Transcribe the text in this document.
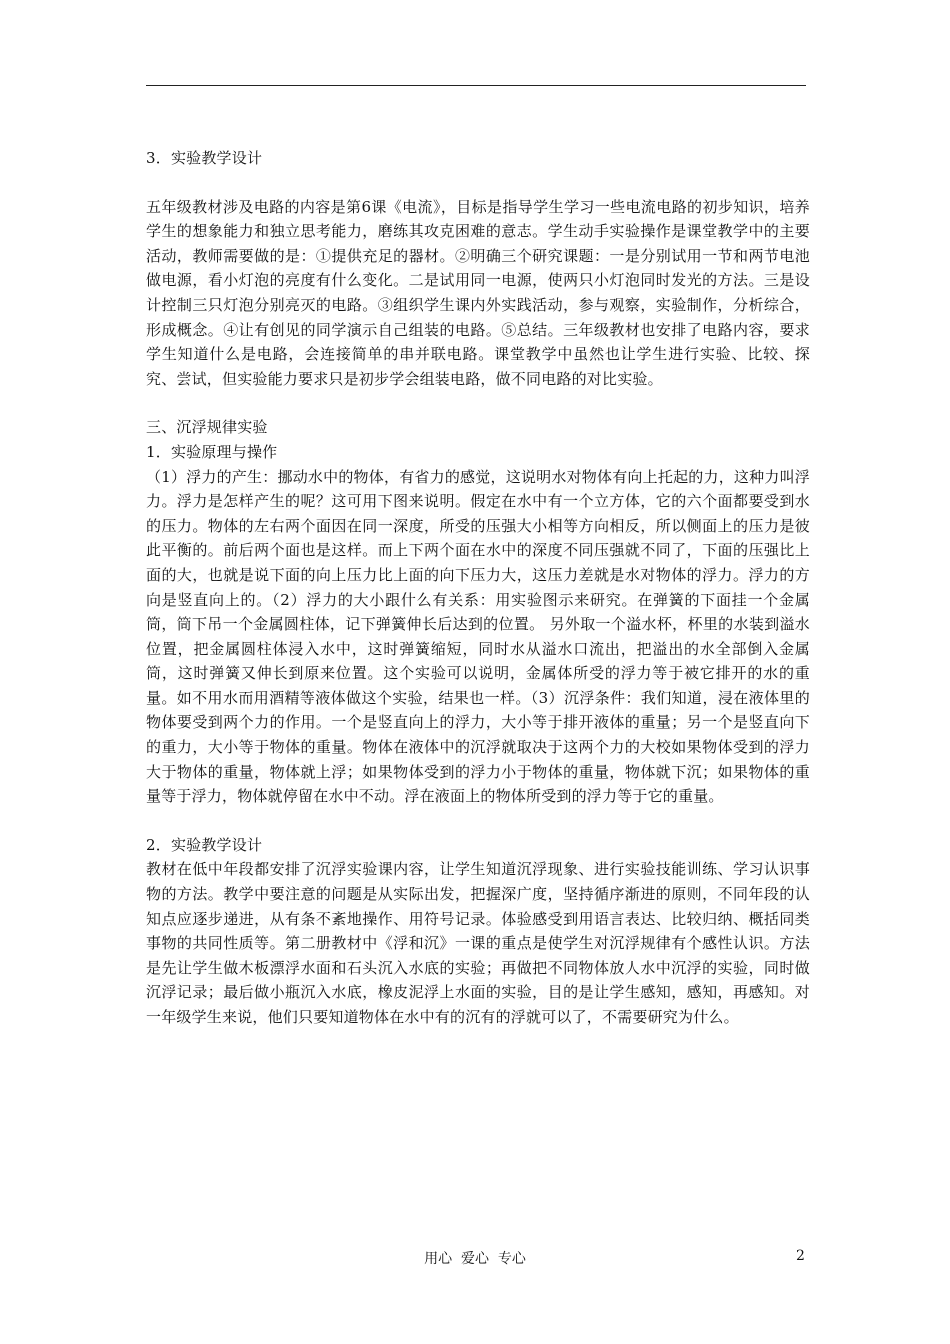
3．实验教学设计

五年级教材涉及电路的内容是第6课《电流》，目标是指导学生学习一些电流电路的初步知识，培养学生的想象能力和独立思考能力，磨练其攻克困难的意志。学生动手实验操作是课堂教学中的主要活动，教师需要做的是：①提供充足的器材。②明确三个研究课题：一是分别试用一节和两节电池做电源，看小灯泡的亮度有什么变化。二是试用同一电源，使两只小灯泡同时发光的方法。三是设计控制三只灯泡分别亮灭的电路。③组织学生课内外实践活动，参与观察，实验制作，分析综合，形成概念。④让有创见的同学演示自己组装的电路。⑤总结。三年级教材也安排了电路内容，要求学生知道什么是电路，会连接简单的串并联电路。课堂教学中虽然也让学生进行实验、比较、探究、尝试，但实验能力要求只是初步学会组装电路，做不同电路的对比实验。

三、沉浮规律实验

1．实验原理与操作

（1）浮力的产生：挪动水中的物体，有省力的感觉，这说明水对物体有向上托起的力，这种力叫浮力。浮力是怎样产生的呢？这可用下图来说明。假定在水中有一个立方体，它的六个面都要受到水的压力。物体的左右两个面因在同一深度，所受的压强大小相等方向相反，所以侧面上的压力是彼此平衡的。前后两个面也是这样。而上下两个面在水中的深度不同压强就不同了，下面的压强比上面的大，也就是说下面的向上压力比上面的向下压力大，这压力差就是水对物体的浮力。浮力的方向是竖直向上的。（2）浮力的大小跟什么有关系：用实验图示来研究。在弹簧的下面挂一个金属筒，筒下吊一个金属圆柱体，记下弹簧伸长后达到的位置。 另外取一个溢水杯，杯里的水装到溢水位置，把金属圆柱体浸入水中，这时弹簧缩短，同时水从溢水口流出，把溢出的水全部倒入金属筒，这时弹簧又伸长到原来位置。这个实验可以说明，金属体所受的浮力等于被它排开的水的重量。如不用水而用酒精等液体做这个实验，结果也一样。（3）沉浮条件：我们知道，浸在液体里的物体要受到两个力的作用。一个是竖直向上的浮力，大小等于排开液体的重量；另一个是竖直向下的重力，大小等于物体的重量。物体在液体中的沉浮就取决于这两个力的大校如果物体受到的浮力大于物体的重量，物体就上浮；如果物体受到的浮力小于物体的重量，物体就下沉；如果物体的重量等于浮力，物体就停留在水中不动。浮在液面上的物体所受到的浮力等于它的重量。

2．实验教学设计

教材在低中年段都安排了沉浮实验课内容，让学生知道沉浮现象、进行实验技能训练、学习认识事物的方法。教学中要注意的问题是从实际出发，把握深广度，坚持循序渐进的原则，不同年段的认知点应逐步递进，从有条不紊地操作、用符号记录。体验感受到用语言表达、比较归纳、概括同类事物的共同性质等。第二册教材中《浮和沉》一课的重点是使学生对沉浮规律有个感性认识。方法是先让学生做木板漂浮水面和石头沉入水底的实验；再做把不同物体放人水中沉浮的实验，同时做沉浮记录；最后做小瓶沉入水底，橡皮泥浮上水面的实验，目的是让学生感知，感知，再感知。对一年级学生来说，他们只要知道物体在水中有的沉有的浮就可以了，不需要研究为什么。

用心  爱心  专心	2
